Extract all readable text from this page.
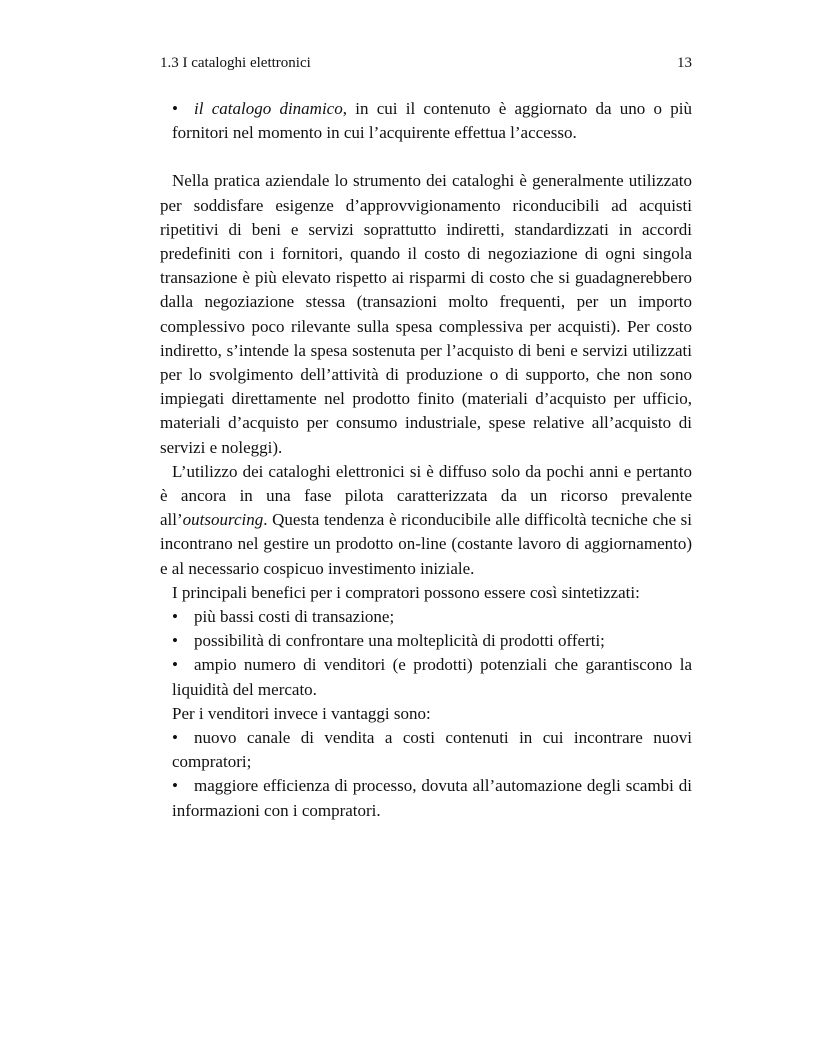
1.3 I cataloghi elettronici	13
• il catalogo dinamico, in cui il contenuto è aggiornato da uno o più fornitori nel momento in cui l’acquirente effettua l’accesso.

Nella pratica aziendale lo strumento dei cataloghi è generalmente utilizzato per soddisfare esigenze d’approvvigionamento riconducibili ad acquisti ripetitivi di beni e servizi soprattutto indiretti, standardizzati in accordi predefiniti con i fornitori, quando il costo di negoziazione di ogni singola transazione è più elevato rispetto ai risparmi di costo che si guadagnerebbero dalla negoziazione stessa (transazioni molto frequenti, per un importo complessivo poco rilevante sulla spesa complessiva per acquisti). Per costo indiretto, s’intende la spesa sostenuta per l’acquisto di beni e servizi utilizzati per lo svolgimento dell’attività di produzione o di supporto, che non sono impiegati direttamente nel prodotto finito (materiali d’acquisto per ufficio, materiali d’acquisto per consumo industriale, spese relative all’acquisto di servizi e noleggi).

L’utilizzo dei cataloghi elettronici si è diffuso solo da pochi anni e pertanto è ancora in una fase pilota caratterizzata da un ricorso prevalente all’outsourcing. Questa tendenza è riconducibile alle difficoltà tecniche che si incontrano nel gestire un prodotto on-line (costante lavoro di aggiornamento) e al necessario cospicuo investimento iniziale.

I principali benefici per i compratori possono essere così sintetizzati:

• più bassi costi di transazione;
• possibilità di confrontare una molteplicità di prodotti offerti;
• ampio numero di venditori (e prodotti) potenziali che garantiscono la liquidità del mercato.

Per i venditori invece i vantaggi sono:

• nuovo canale di vendita a costi contenuti in cui incontrare nuovi compratori;
• maggiore efficienza di processo, dovuta all’automazione degli scambi di informazioni con i compratori.
